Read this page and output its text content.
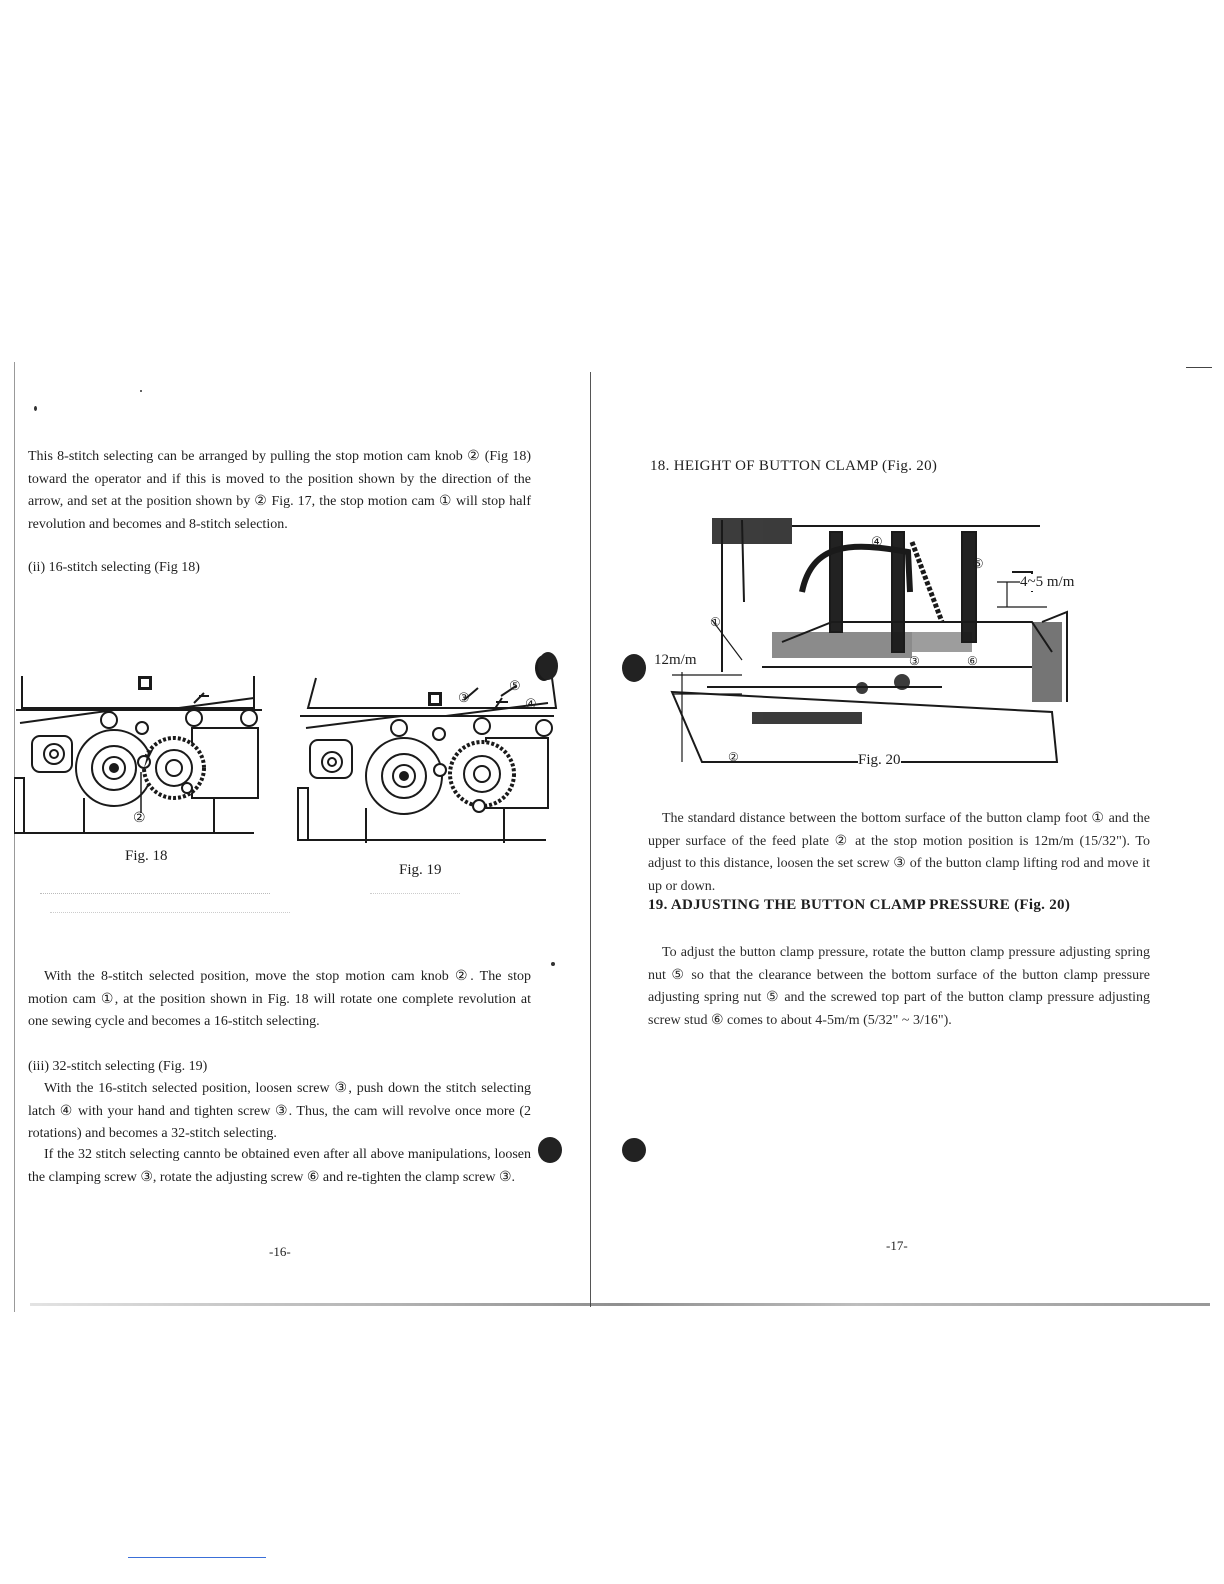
This 8-stitch selecting can be arranged by pulling the stop motion cam knob ② (Fig 18) toward the operator and if this is moved to the position shown by the direction of the arrow, and set at the position shown by ② Fig. 17, the stop motion cam ① will stop half revolution and becomes and 8-stitch selection.

(ii) 16-stitch selecting (Fig 18)

②
Fig. 18
③	④
⑤
Fig. 19

With the 8-stitch selected position, move the stop motion cam knob ②. The stop motion cam ①, at the position shown in Fig. 18 will rotate one complete revolution at one sewing cycle and becomes a 16-stitch selecting.

(iii) 32-stitch selecting (Fig. 19)

With the 16-stitch selected position, loosen screw ③, push down the stitch selecting latch ④ with your hand and tighten screw ③. Thus, the cam will revolve once more (2 rotations) and becomes a 32-stitch selecting.

If the 32 stitch selecting cannto be obtained even after all above manipulations, loosen the clamping screw ③, rotate the adjusting screw ⑥ and re-tighten the clamp screw ③.

-16-
18. HEIGHT OF BUTTON CLAMP (Fig. 20)
④
⑤
①
③	⑥
②
4~5 m/m
12m/m
Fig. 20

The standard distance between the bottom surface of the button clamp foot ① and the upper surface of the feed plate ② at the stop motion position is 12m/m (15/32"). To adjust to this distance, loosen the set screw ③ of the button clamp lifting rod and move it up or down.

19. ADJUSTING THE BUTTON CLAMP PRESSURE (Fig. 20)

To adjust the button clamp pressure, rotate the button clamp pressure adjusting spring nut ⑤ so that the clearance between the bottom surface of the button clamp pressure adjusting spring nut ⑤ and the screwed top part of the button clamp pressure adjusting screw stud ⑥ comes to about 4-5m/m (5/32" ~ 3/16").

-17-
